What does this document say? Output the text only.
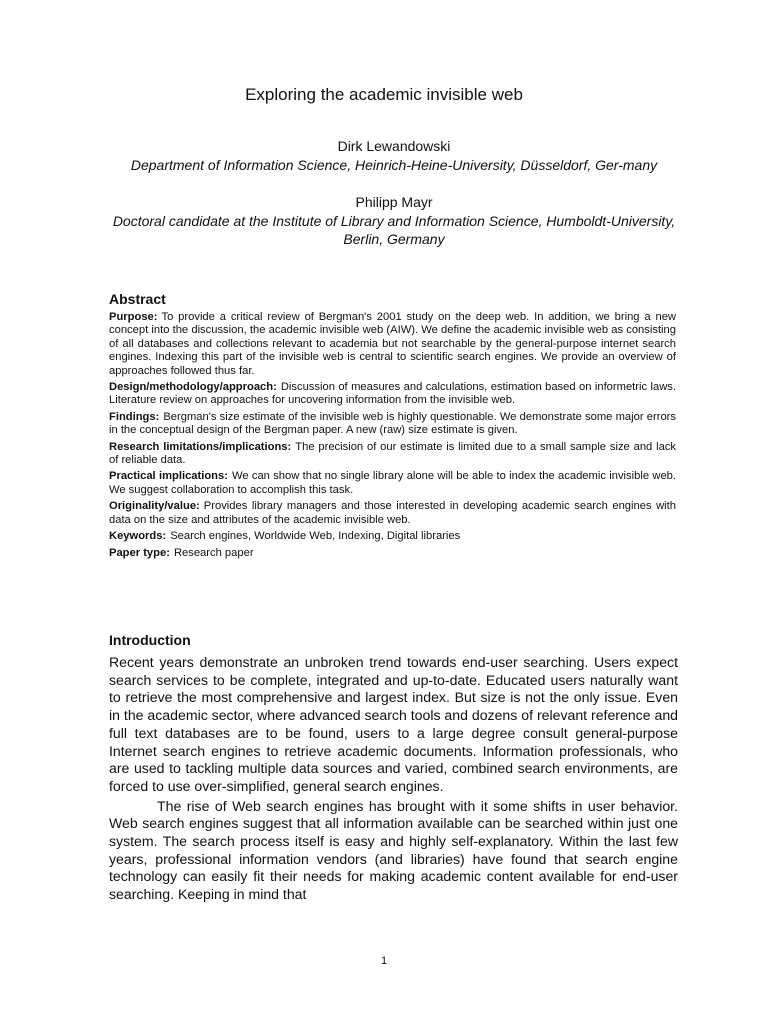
Exploring the academic invisible web
Dirk Lewandowski
Department of Information Science, Heinrich-Heine-University, Düsseldorf, Ger-many
Philipp Mayr
Doctoral candidate at the Institute of Library and Information Science, Humboldt-University, Berlin, Germany
Abstract

Purpose: To provide a critical review of Bergman's 2001 study on the deep web. In addition, we bring a new concept into the discussion, the academic invisible web (AIW). We define the academic invisible web as consisting of all databases and collections relevant to academia but not searchable by the general-purpose internet search engines. Indexing this part of the invisible web is central to scientific search engines. We provide an overview of approaches followed thus far.

Design/methodology/approach: Discussion of measures and calculations, estimation based on informetric laws. Literature review on approaches for uncovering information from the invisible web.

Findings: Bergman's size estimate of the invisible web is highly questionable. We demonstrate some major errors in the conceptual design of the Bergman paper. A new (raw) size estimate is given.

Research limitations/implications: The precision of our estimate is limited due to a small sample size and lack of reliable data.

Practical implications: We can show that no single library alone will be able to index the academic invisible web. We suggest collaboration to accomplish this task.

Originality/value: Provides library managers and those interested in developing academic search engines with data on the size and attributes of the academic invisible web.

Keywords: Search engines, Worldwide Web, Indexing, Digital libraries

Paper type: Research paper

Introduction

Recent years demonstrate an unbroken trend towards end-user searching. Users expect search services to be complete, integrated and up-to-date. Educated users naturally want to retrieve the most comprehensive and largest index. But size is not the only issue. Even in the academic sector, where advanced search tools and dozens of relevant reference and full text databases are to be found, users to a large degree consult general-purpose Internet search engines to retrieve academic documents. Information professionals, who are used to tackling multiple data sources and varied, combined search environments, are forced to use over-simplified, general search engines.

The rise of Web search engines has brought with it some shifts in user behavior. Web search engines suggest that all information available can be searched within just one system. The search process itself is easy and highly self-explanatory. Within the last few years, professional information vendors (and libraries) have found that search engine technology can easily fit their needs for making academic content available for end-user searching. Keeping in mind that

1
